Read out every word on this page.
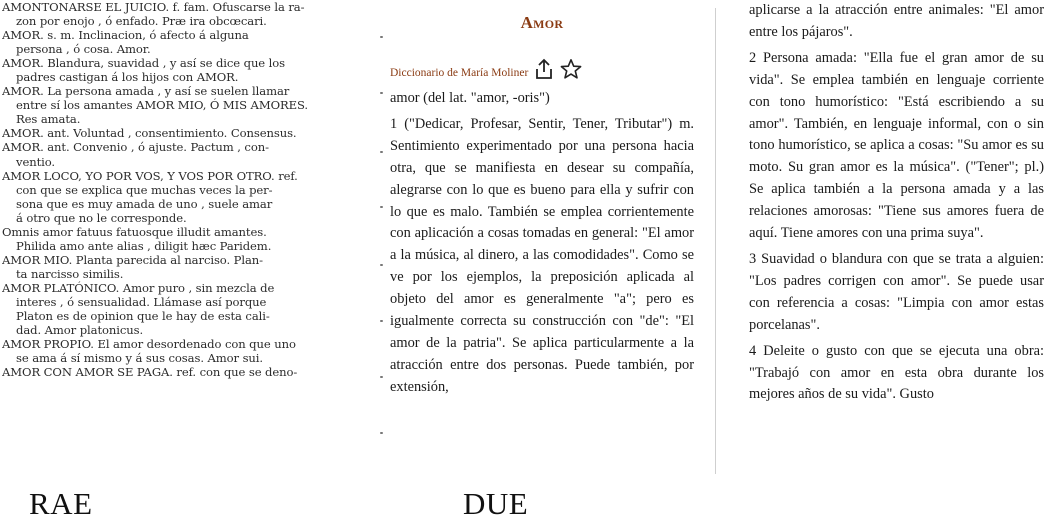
AMONTONARSE EL JUICIO. f. fam. Ofuscarse la ra-
zon por enojo , ó enfado. Præ ira obcœcari.
AMOR. s. m. Inclinacion, ó afecto á alguna
persona , ó cosa. Amor.
AMOR. Blandura, suavidad , y así se dice que los
padres castigan á los hijos con AMOR.
AMOR. La persona amada , y así se suelen llamar
entre sí los amantes AMOR MIO, Ó MIS AMORES.
Res amata.
AMOR. ant. Voluntad , consentimiento. Consensus.
AMOR. ant. Convenio , ó ajuste. Pactum , con-
ventio.
AMOR LOCO, YO POR VOS, Y VOS POR OTRO. ref.
con que se explica que muchas veces la per-
sona que es muy amada de uno , suele amar
á otro que no le corresponde.
Omnis amor fatuus fatuosque illudit amantes.
Philida amo ante alias , diligit hæc Paridem.
AMOR MIO. Planta parecida al narciso. Plan-
ta narcisso similis.
AMOR PLATÓNICO. Amor puro , sin mezcla de
interes , ó sensualidad. Llámase así porque
Platon es de opinion que le hay de esta cali-
dad. Amor platonicus.
AMOR PROPIO. El amor desordenado con que uno
se ama á sí mismo y á sus cosas. Amor sui.
AMOR CON AMOR SE PAGA. ref. con que se deno-
Amor
Diccionario de María Moliner

amor (del lat. "amor, -oris")

1 ("Dedicar, Profesar, Sentir, Tener, Tributar") m. Sentimiento experimentado por una persona hacia otra, que se manifiesta en desear su compañía, alegrarse con lo que es bueno para ella y sufrir con lo que es malo. También se emplea corrientemente con aplicación a cosas tomadas en general: "El amor a la música, al dinero, a las comodidades". Como se ve por los ejemplos, la preposición aplicada al objeto del amor es generalmente "a"; pero es igualmente correcta su construcción con "de": "El amor de la patria". Se aplica particularmente a la atracción entre dos personas. Puede también, por extensión,

aplicarse a la atracción entre animales: "El amor entre los pájaros".

2 Persona amada: "Ella fue el gran amor de su vida". Se emplea también en lenguaje corriente con tono humorístico: "Está escribiendo a su amor". También, en lenguaje informal, con o sin tono humorístico, se aplica a cosas: "Su amor es su moto. Su gran amor es la música". ("Tener"; pl.) Se aplica también a la persona amada y a las relaciones amorosas: "Tiene sus amores fuera de aquí. Tiene amores con una prima suya".

3 Suavidad o blandura con que se trata a alguien: "Los padres corrigen con amor". Se puede usar con referencia a cosas: "Limpia con amor estas porcelanas".

4 Deleite o gusto con que se ejecuta una obra: "Trabajó con amor en esta obra durante los mejores años de su vida". Gusto

RAE	DUE
